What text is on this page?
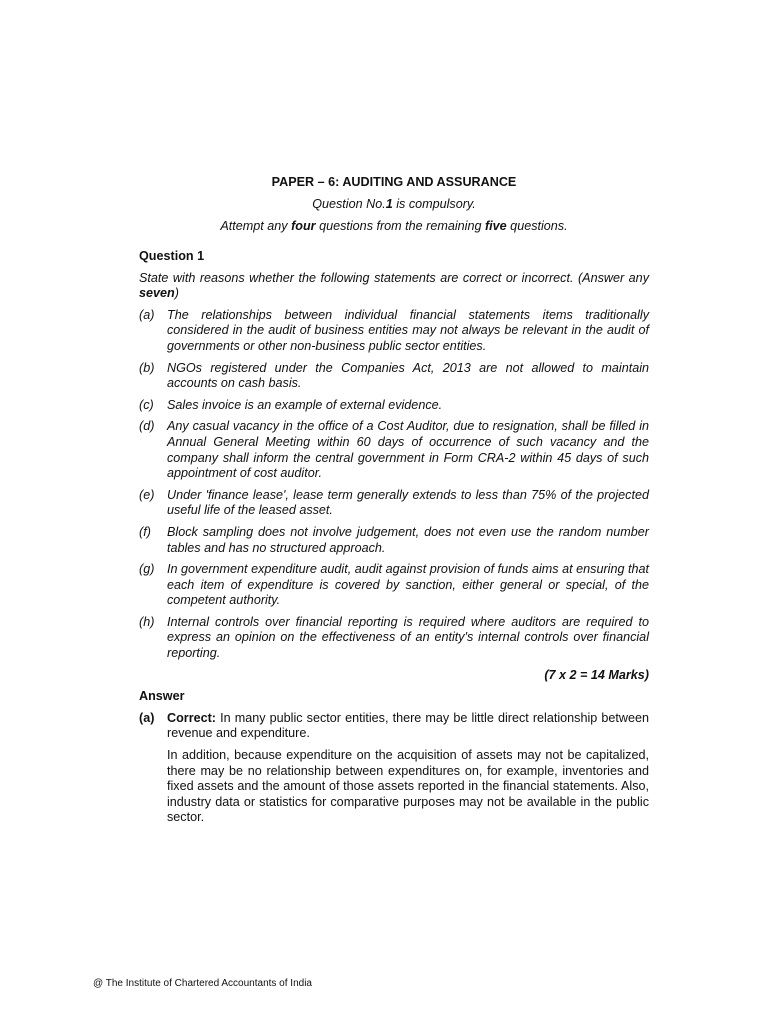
PAPER – 6: AUDITING AND ASSURANCE
Question No.1 is compulsory.
Attempt any four questions from the remaining five questions.
Question 1
State with reasons whether the following statements are correct or incorrect. (Answer any seven)
(a) The relationships between individual financial statements items traditionally considered in the audit of business entities may not always be relevant in the audit of governments or other non-business public sector entities.
(b) NGOs registered under the Companies Act, 2013 are not allowed to maintain accounts on cash basis.
(c)	Sales invoice is an example of external evidence.
(d) Any casual vacancy in the office of a Cost Auditor, due to resignation, shall be filled in Annual General Meeting within 60 days of occurrence of such vacancy and the company shall inform the central government in Form CRA-2 within 45 days of such appointment of cost auditor.
(e) Under 'finance lease', lease term generally extends to less than 75% of the projected useful life of the leased asset.
(f)	Block sampling does not involve judgement, does not even use the random number tables and has no structured approach.
(g) In government expenditure audit, audit against provision of funds aims at ensuring that each item of expenditure is covered by sanction, either general or special, of the competent authority.
(h) Internal controls over financial reporting is required where auditors are required to express an opinion on the effectiveness of an entity's internal controls over financial reporting.
(7 x 2 = 14 Marks)
Answer
(a) Correct: In many public sector entities, there may be little direct relationship between revenue and expenditure.
In addition, because expenditure on the acquisition of assets may not be capitalized, there may be no relationship between expenditures on, for example, inventories and fixed assets and the amount of those assets reported in the financial statements. Also, industry data or statistics for comparative purposes may not be available in the public sector.
@ The Institute of Chartered Accountants of India
